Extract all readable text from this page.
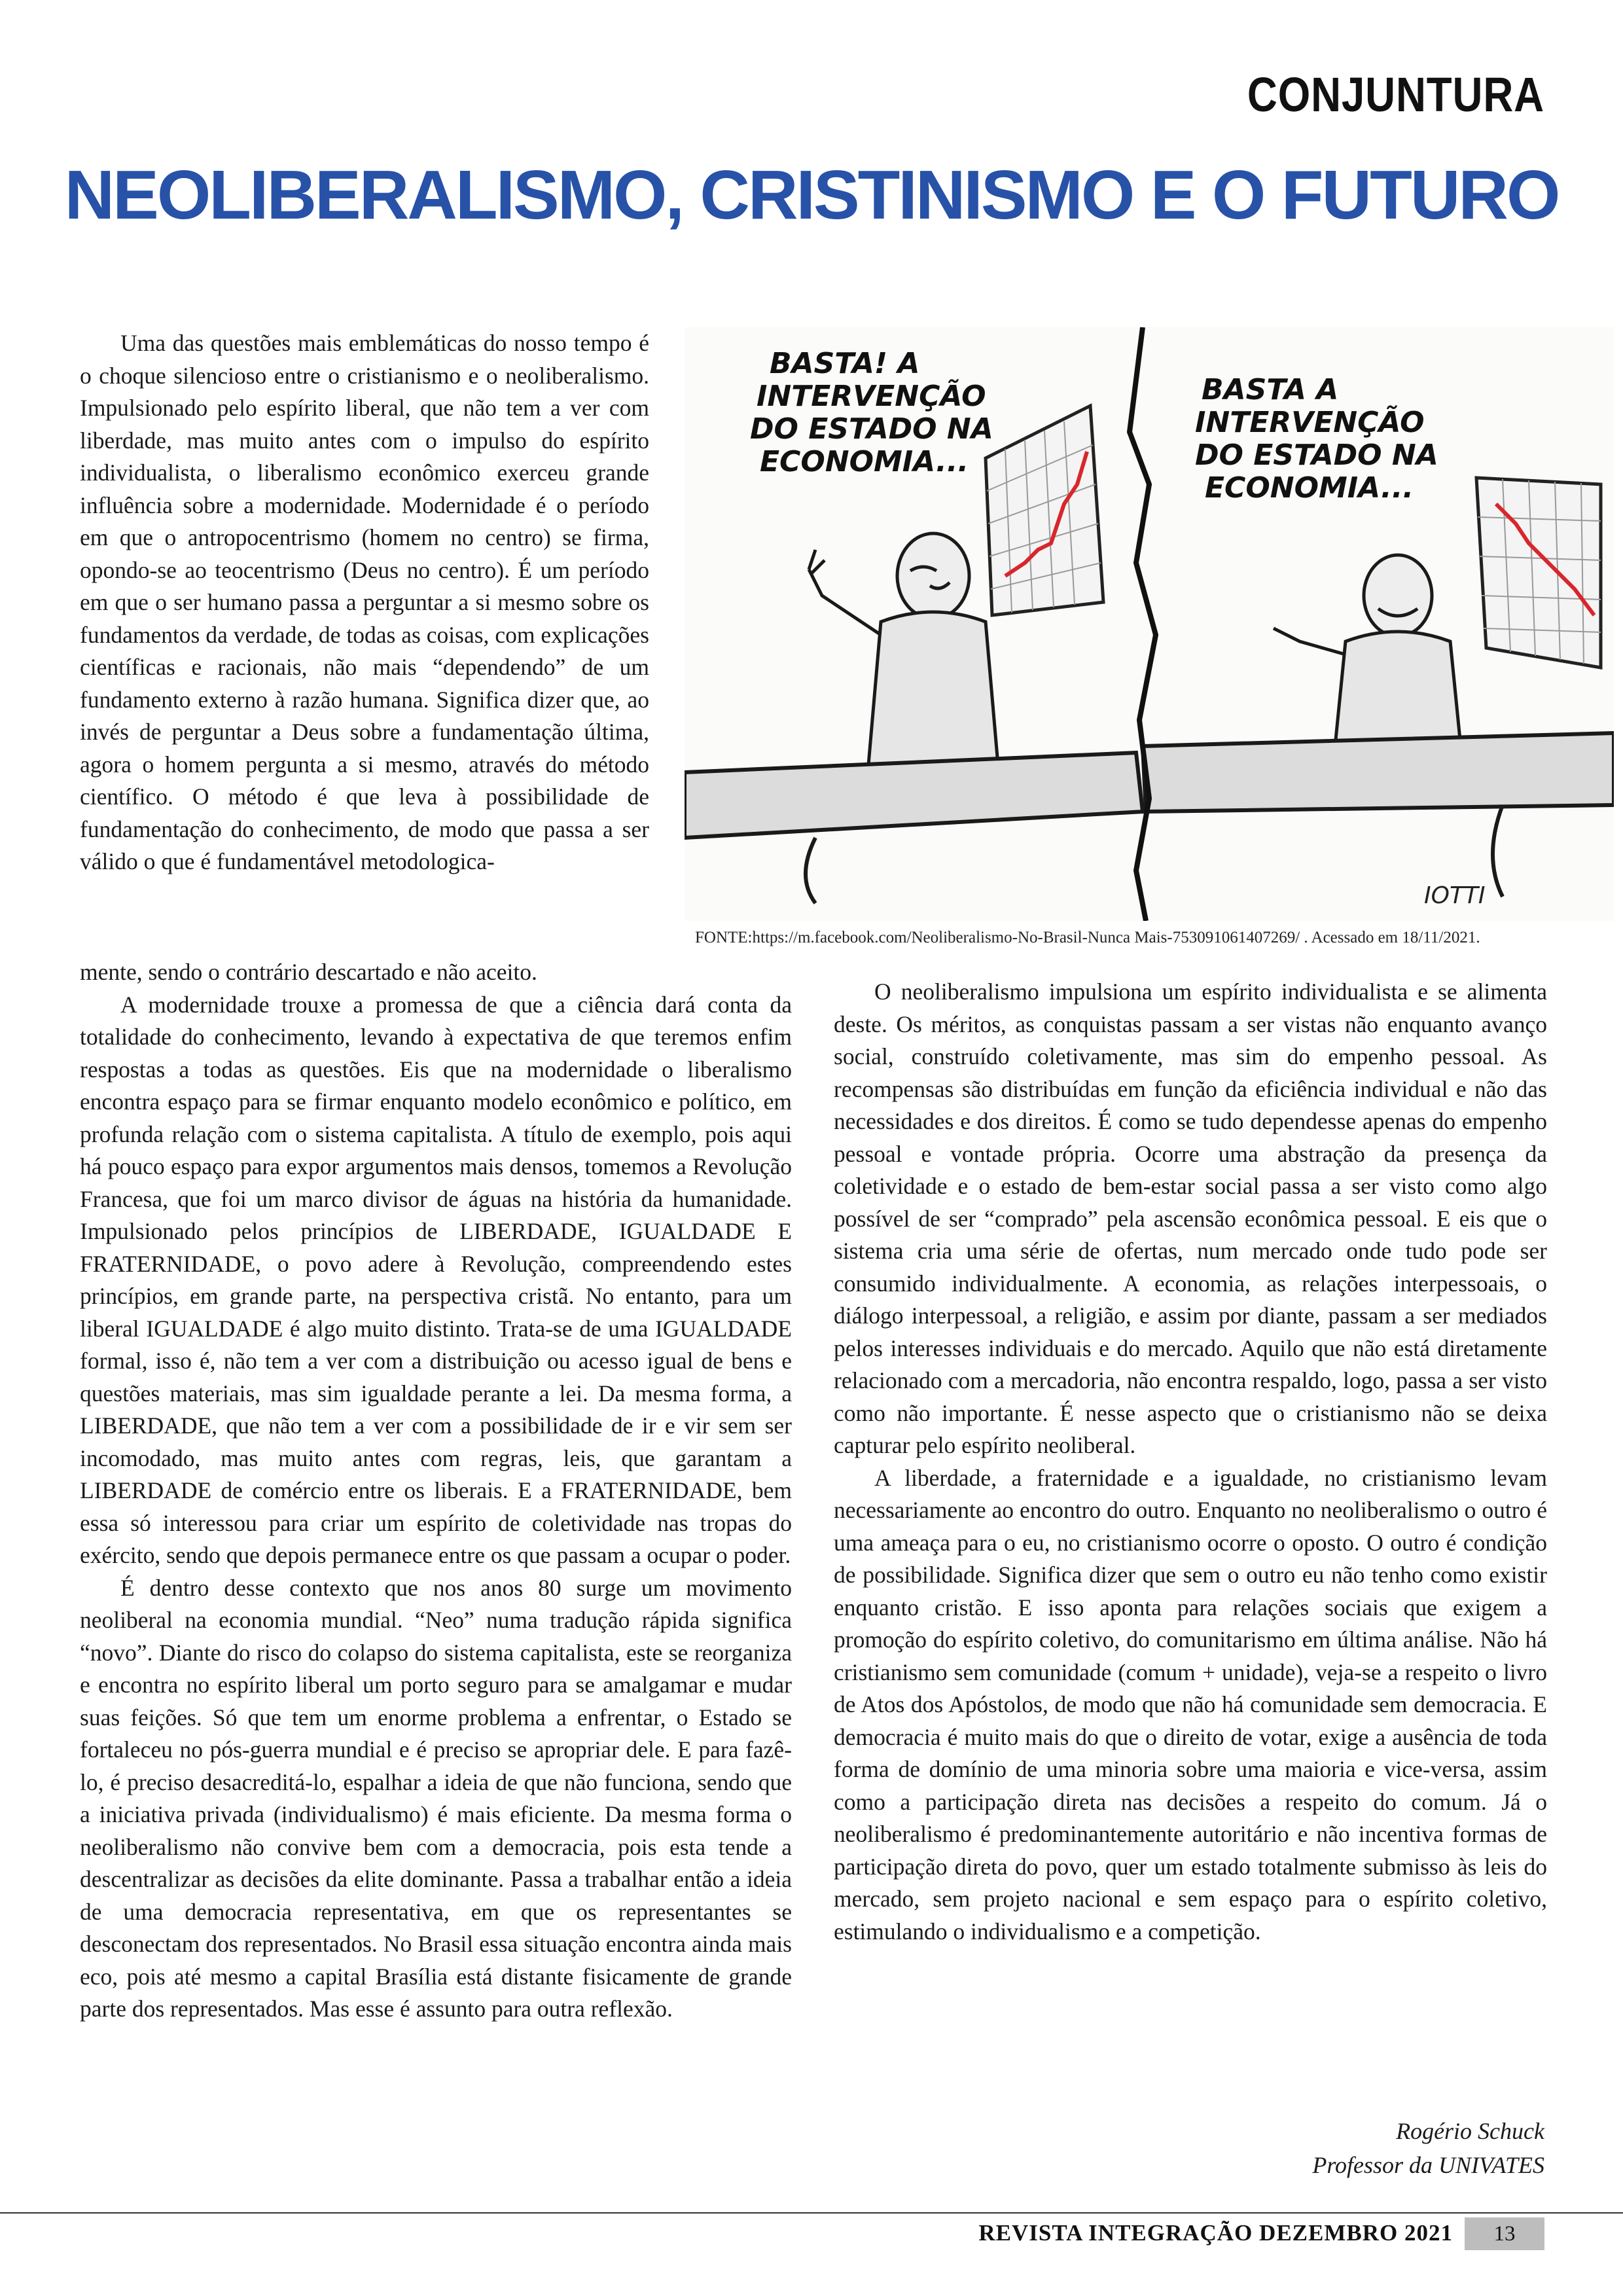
CONJUNTURA
NEOLIBERALISMO, CRISTINISMO E O FUTURO

Uma das questões mais emblemáticas do nosso tempo é o choque silencioso entre o cristianismo e o neoliberalismo. Impulsionado pelo espírito liberal, que não tem a ver com liberdade, mas muito antes com o impulso do espírito individualista, o liberalismo econômico exerceu grande influência sobre a modernidade. Modernidade é o período em que o antropocentrismo (homem no centro) se firma, opondo-se ao teocentrismo (Deus no centro). É um período em que o ser humano passa a perguntar a si mesmo sobre os fundamentos da verdade, de todas as coisas, com explicações científicas e racionais, não mais “dependendo” de um fundamento externo à razão humana. Significa dizer que, ao invés de perguntar a Deus sobre a fundamentação última, agora o homem pergunta a si mesmo, através do método científico. O método é que leva à possibilidade de fundamentação do conhecimento, de modo que passa a ser válido o que é fundamentável metodologica-

BASTA! A
INTERVENÇÃO
DO ESTADO NA
ECONOMIA...
BASTA A
INTERVENÇÃO
DO ESTADO NA
ECONOMIA...
IOTTI
FONTE:https://m.facebook.com/Neoliberalismo-No-Brasil-Nunca Mais-753091061407269/ . Acessado em 18/11/2021.

mente, sendo o contrário descartado e não aceito.

A modernidade trouxe a promessa de que a ciência dará conta da totalidade do conhecimento, levando à expectativa de que teremos enfim respostas a todas as questões. Eis que na modernidade o liberalismo encontra espaço para se firmar enquanto modelo econômico e político, em profunda relação com o sistema capitalista. A título de exemplo, pois aqui há pouco espaço para expor argumentos mais densos, tomemos a Revolução Francesa, que foi um marco divisor de águas na história da humanidade. Impulsionado pelos princípios de LIBERDADE, IGUALDADE E FRATERNIDADE, o povo adere à Revolução, compreendendo estes princípios, em grande parte, na perspectiva cristã. No entanto, para um liberal IGUALDADE é algo muito distinto. Trata-se de uma IGUALDADE formal, isso é, não tem a ver com a distribuição ou acesso igual de bens e questões materiais, mas sim igualdade perante a lei. Da mesma forma, a LIBERDADE, que não tem a ver com a possibilidade de ir e vir sem ser incomodado, mas muito antes com regras, leis, que garantam a LIBERDADE de comércio entre os liberais. E a FRATERNIDADE, bem essa só interessou para criar um espírito de coletividade nas tropas do exército, sendo que depois permanece entre os que passam a ocupar o poder.

É dentro desse contexto que nos anos 80 surge um movimento neoliberal na economia mundial. “Neo” numa tradução rápida significa “novo”. Diante do risco do colapso do sistema capitalista, este se reorganiza e encontra no espírito liberal um porto seguro para se amalgamar e mudar suas feições. Só que tem um enorme problema a enfrentar, o Estado se fortaleceu no pós-guerra mundial e é preciso se apropriar dele. E para fazê-lo, é preciso desacreditá-lo, espalhar a ideia de que não funciona, sendo que a iniciativa privada (individualismo) é mais eficiente. Da mesma forma o neoliberalismo não convive bem com a democracia, pois esta tende a descentralizar as decisões da elite dominante. Passa a trabalhar então a ideia de uma democracia representativa, em que os representantes se desconectam dos representados. No Brasil essa situação encontra ainda mais eco, pois até mesmo a capital Brasília está distante fisicamente de grande parte dos representados. Mas esse é assunto para outra reflexão.

O neoliberalismo impulsiona um espírito individualista e se alimenta deste. Os méritos, as conquistas passam a ser vistas não enquanto avanço social, construído coletivamente, mas sim do empenho pessoal. As recompensas são distribuídas em função da eficiência individual e não das necessidades e dos direitos. É como se tudo dependesse apenas do empenho pessoal e vontade própria. Ocorre uma abstração da presença da coletividade e o estado de bem-estar social passa a ser visto como algo possível de ser “comprado” pela ascensão econômica pessoal. E eis que o sistema cria uma série de ofertas, num mercado onde tudo pode ser consumido individualmente. A economia, as relações interpessoais, o diálogo interpessoal, a religião, e assim por diante, passam a ser mediados pelos interesses individuais e do mercado. Aquilo que não está diretamente relacionado com a mercadoria, não encontra respaldo, logo, passa a ser visto como não importante. É nesse aspecto que o cristianismo não se deixa capturar pelo espírito neoliberal.

A liberdade, a fraternidade e a igualdade, no cristianismo levam necessariamente ao encontro do outro. Enquanto no neoliberalismo o outro é uma ameaça para o eu, no cristianismo ocorre o oposto. O outro é condição de possibilidade. Significa dizer que sem o outro eu não tenho como existir enquanto cristão. E isso aponta para relações sociais que exigem a promoção do espírito coletivo, do comunitarismo em última análise. Não há cristianismo sem comunidade (comum + unidade), veja-se a respeito o livro de Atos dos Apóstolos, de modo que não há comunidade sem democracia. E democracia é muito mais do que o direito de votar, exige a ausência de toda forma de domínio de uma minoria sobre uma maioria e vice-versa, assim como a participação direta nas decisões a respeito do comum. Já o neoliberalismo é predominantemente autoritário e não incentiva formas de participação direta do povo, quer um estado totalmente submisso às leis do mercado, sem projeto nacional e sem espaço para o espírito coletivo, estimulando o individualismo e a competição.

Rogério Schuck
Professor da UNIVATES
REVISTA INTEGRAÇÃO DEZEMBRO 2021	13
